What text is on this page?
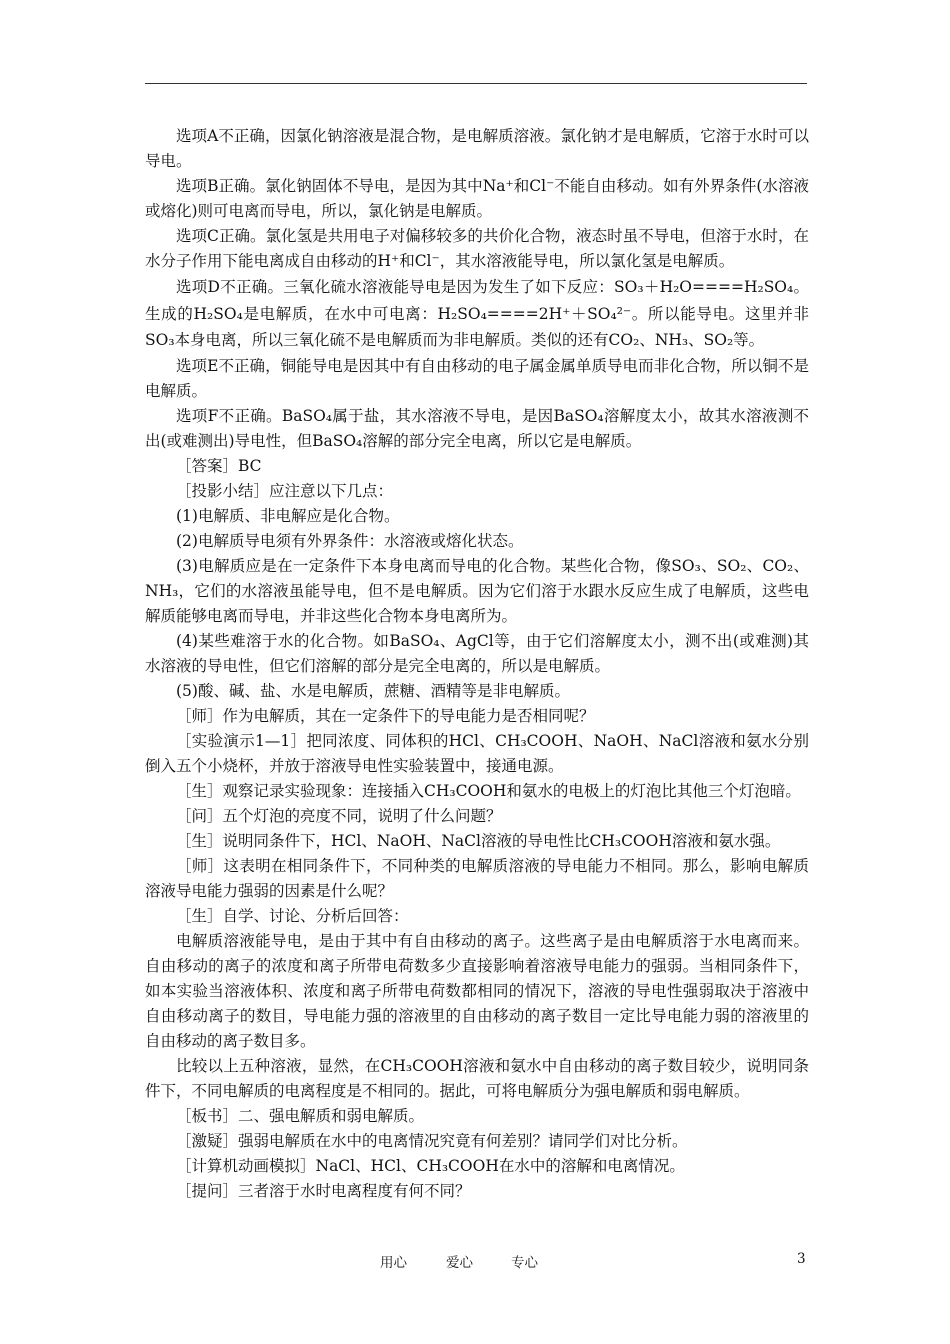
选项A不正确，因氯化钠溶液是混合物，是电解质溶液。氯化钠才是电解质，它溶于水时可以导电。

选项B正确。氯化钠固体不导电，是因为其中Na⁺和Cl⁻不能自由移动。如有外界条件(水溶液或熔化)则可电离而导电，所以，氯化钠是电解质。

选项C正确。氯化氢是共用电子对偏移较多的共价化合物，液态时虽不导电，但溶于水时，在水分子作用下能电离成自由移动的H⁺和Cl⁻，其水溶液能导电，所以氯化氢是电解质。

选项D不正确。三氧化硫水溶液能导电是因为发生了如下反应：SO₃＋H₂O====H₂SO₄。生成的H₂SO₄是电解质，在水中可电离：H₂SO₄====2H⁺＋SO₄²⁻。所以能导电。这里并非SO₃本身电离，所以三氧化硫不是电解质而为非电解质。类似的还有CO₂、NH₃、SO₂等。

选项E不正确，铜能导电是因其中有自由移动的电子属金属单质导电而非化合物，所以铜不是电解质。

选项F不正确。BaSO₄属于盐，其水溶液不导电，是因BaSO₄溶解度太小，故其水溶液测不出(或难测出)导电性，但BaSO₄溶解的部分完全电离，所以它是电解质。

［答案］BC

［投影小结］应注意以下几点：

(1)电解质、非电解应是化合物。

(2)电解质导电须有外界条件：水溶液或熔化状态。

(3)电解质应是在一定条件下本身电离而导电的化合物。某些化合物，像SO₃、SO₂、CO₂、NH₃，它们的水溶液虽能导电，但不是电解质。因为它们溶于水跟水反应生成了电解质，这些电解质能够电离而导电，并非这些化合物本身电离所为。

(4)某些难溶于水的化合物。如BaSO₄、AgCl等，由于它们溶解度太小，测不出(或难测)其水溶液的导电性，但它们溶解的部分是完全电离的，所以是电解质。

(5)酸、碱、盐、水是电解质，蔗糖、酒精等是非电解质。

［师］作为电解质，其在一定条件下的导电能力是否相同呢？

［实验演示1—1］把同浓度、同体积的HCl、CH₃COOH、NaOH、NaCl溶液和氨水分别倒入五个小烧杯，并放于溶液导电性实验装置中，接通电源。

［生］观察记录实验现象：连接插入CH₃COOH和氨水的电极上的灯泡比其他三个灯泡暗。

［问］五个灯泡的亮度不同，说明了什么问题？

［生］说明同条件下，HCl、NaOH、NaCl溶液的导电性比CH₃COOH溶液和氨水强。

［师］这表明在相同条件下，不同种类的电解质溶液的导电能力不相同。那么，影响电解质溶液导电能力强弱的因素是什么呢？

［生］自学、讨论、分析后回答：

电解质溶液能导电，是由于其中有自由移动的离子。这些离子是由电解质溶于水电离而来。自由移动的离子的浓度和离子所带电荷数多少直接影响着溶液导电能力的强弱。当相同条件下，如本实验当溶液体积、浓度和离子所带电荷数都相同的情况下，溶液的导电性强弱取决于溶液中自由移动离子的数目，导电能力强的溶液里的自由移动的离子数目一定比导电能力弱的溶液里的自由移动的离子数目多。

比较以上五种溶液，显然，在CH₃COOH溶液和氨水中自由移动的离子数目较少，说明同条件下，不同电解质的电离程度是不相同的。据此，可将电解质分为强电解质和弱电解质。

［板书］二、强电解质和弱电解质。

［激疑］强弱电解质在水中的电离情况究竟有何差别？请同学们对比分析。

［计算机动画模拟］NaCl、HCl、CH₃COOH在水中的溶解和电离情况。

［提问］三者溶于水时电离程度有何不同？

用心	爱心	专心	3
